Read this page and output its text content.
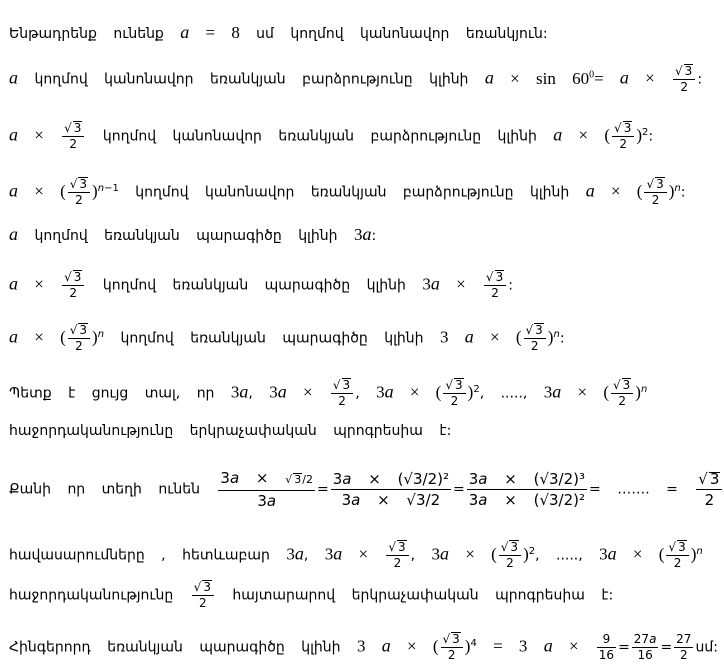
Ենթադրենք ունենք a = 8 սմ կողմով կանոնավոր եռանկյուն:
a կողմով կանոնավոր եռանկյան բարձրությունը կլինի $a \times \sin 60^0= a \times \frac{√ 3}{2}$ :
$a \times \frac{√ 3}{2}$ կողմով կանոնավոր եռանկյան բարձրությունը կլինի a × ( $\frac{√ 3}{2} )^2$:
a × ( $\frac{√ 3}{2} )^{n-1}$ կողմով կանոնավոր եռանկյան բարձրությունը կլինի a × ( $\frac{√ 3}{2} )^n$:
a կողմով եռանկյան պարագիծը կլինի 3a:
$a \times \frac{√ 3}{2}$ կողմով եռանկյան պարագիծը կլինի $3a \times \frac{√ 3}{2}$ :
a × ( $\frac{√ 3}{2} )^n$ կողմով եռանկյան պարագիծը կլինի 3 a × ( $\frac{√ 3}{2} )^n$:
Պետք է ցույց տալ, որ 3a, $3a \times \frac{√ 3}{2}$ , 3a × ( $\frac{√ 3}{2} )^2$, ....., 3a × ( $\frac{√ 3}{2} )^n$
հաջորդականությունը երկրաչափական պրոգրեսիա է:
Քանի որ տեղի ունեն $\frac{3a \times √ 3/2}{3a} = \frac{\text{3a × (√3/2)²}}{3a \times √3/2} = \frac{\text{3a × (√3/2)³}}{\text{3a × (√3/2)²}}$ = ……. = $\frac{√ 3}{2}$
հավասարումները , հետևաբար 3a, $3a \times \frac{√ 3}{2}$ , 3a × ( $\frac{√ 3}{2} )^2$, ....., 3a × ( $\frac{√ 3}{2} )^n$
հաջորդականությունը $\frac{√ 3}{2}$ հայտարարով երկրաչափական պրոգրեսիա է:
Հինգերորդ եռանկյան պարագիծը կլինի 3 a × ( $\frac{√ 3}{2} )^4 = 3$ $a \times \frac{9}{16} = \frac{27a}{16} = \frac{27}{2}$ սմ:
